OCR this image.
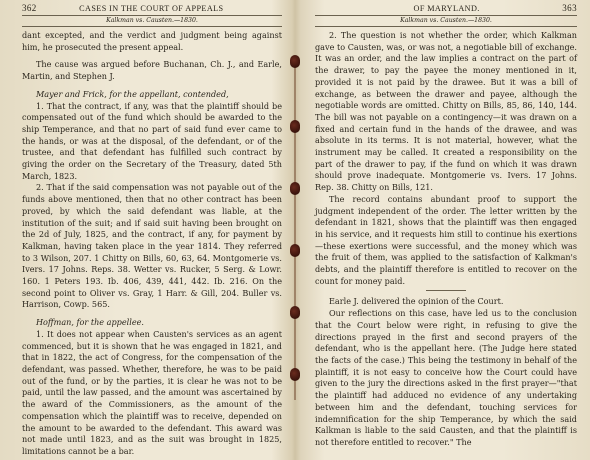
362	CASES IN THE COURT OF APPEALS
Kalkman vs. Causten.—1830.

dant excepted, and the verdict and judgment being against him, he prosecuted the present appeal.

The cause was argued before Buchanan, Ch. J., and Earle, Martin, and Stephen J.

Mayer and Frick, for the appellant, contended,

1. That the contract, if any, was that the plaintiff should be compensated out of the fund which should be awarded to the ship Temperance, and that no part of said fund ever came to the hands, or was at the disposal, of the defendant, or of the trustee, and that defendant has fulfilled such contract by giving the order on the Secretary of the Treasury, dated 5th March, 1823.

2. That if the said compensation was not payable out of the funds above mentioned, then that no other contract has been proved, by which the said defendant was liable, at the institution of the suit; and if said suit having been brought on the 2d of July, 1825, and the contract, if any, for payment by Kalkman, having taken place in the year 1814. They referred to 3 Wilson, 207. 1 Chitty on Bills, 60, 63, 64. Montgomerie vs. Ivers. 17 Johns. Reps. 38. Wetter vs. Rucker, 5 Serg. & Lowr. 160. 1 Peters 193. Ib. 406, 439, 441, 442. Ib. 216. On the second point to Oliver vs. Gray, 1 Harr. & Gill, 204. Buller vs. Harrison, Cowp. 565.

Hoffman, for the appellee.

1. It does not appear when Causten's services as an agent commenced, but it is shown that he was engaged in 1821, and that in 1822, the act of Congress, for the compensation of the defendant, was passed. Whether, therefore, he was to be paid out of the fund, or by the parties, it is clear he was not to be paid, until the law passed, and the amount was ascertained by the award of the Commissioners, as the amount of the compensation which the plaintiff was to receive, depended on the amount to be awarded to the defendant. This award was not made until 1823, and as the suit was brought in 1825, limitations cannot be a bar.

OF MARYLAND.	363
Kalkman vs. Causten.—1830.

2. The question is not whether the order, which Kalkman gave to Causten, was, or was not, a negotiable bill of exchange. It was an order, and the law implies a contract on the part of the drawer, to pay the payee the money mentioned in it, provided it is not paid by the drawee. But it was a bill of exchange, as between the drawer and payee, although the negotiable words are omitted. Chitty on Bills, 85, 86, 140, 144. The bill was not payable on a contingency—it was drawn on a fixed and certain fund in the hands of the drawee, and was absolute in its terms. It is not material, however, what the instrument may be called. It created a responsibility on the part of the drawer to pay, if the fund on which it was drawn should prove inadequate. Montgomerie vs. Ivers. 17 Johns. Rep. 38. Chitty on Bills, 121.

The record contains abundant proof to support the judgment independent of the order. The letter written by the defendant in 1821, shows that the plaintiff was then engaged in his service, and it requests him still to continue his exertions—these exertions were successful, and the money which was the fruit of them, was applied to the satisfaction of Kalkman's debts, and the plaintiff therefore is entitled to recover on the count for money paid.

Earle J. delivered the opinion of the Court.

Our reflections on this case, have led us to the conclusion that the Court below were right, in refusing to give the directions prayed in the first and second prayers of the defendant, who is the appellant here. (The Judge here stated the facts of the case.) This being the testimony in behalf of the plaintiff, it is not easy to conceive how the Court could have given to the jury the directions asked in the first prayer—"that the plaintiff had adduced no evidence of any undertaking between him and the defendant, touching services for indemnification for the ship Temperance, by which the said Kalkman is liable to the said Causten, and that the plaintiff is not therefore entitled to recover." The
